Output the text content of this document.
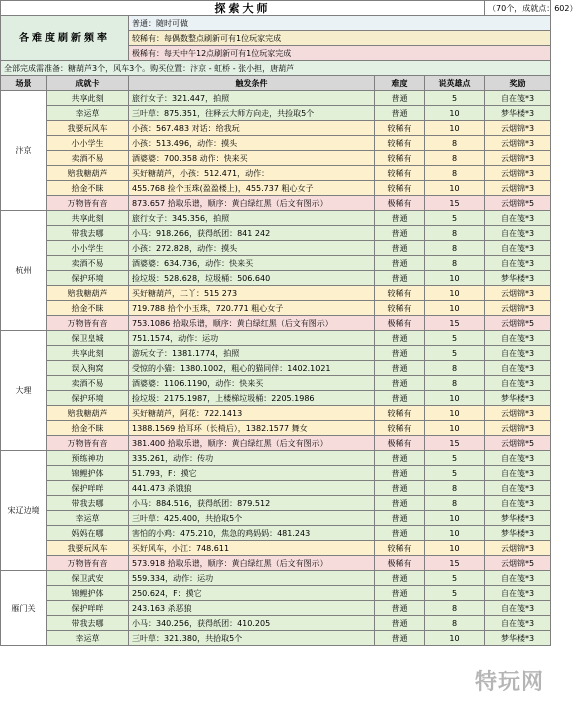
探索大师					（70个，成就点：602）
各难度刷新频率		普通：随时可做			
		较稀有：每偶数整点刷新可有1位玩家完成			
		极稀有：每天中午12点刷新可有1位玩家完成			
全部完成需准备：糖葫芦3个，风车3个。购买位置：汴京 - 虹桥 - 张小担，唐葫芦					
场景	成就卡	触发条件	难度	说英雄点	奖励
汴京	共享此刻	旅行女子：321.447，拍照	普通	5	自在笺*3
	幸运草	三叶草：875.351，往释云大师方向走，共捡取5个	普通	10	梦华楼*3
	我要玩风车	小孩：567.483 对话：给我玩	较稀有	10	云烟锦*3
	小小学生	小孩：513.496，动作：摸头	较稀有	8	云烟锦*3
	卖酒不易	酒婆婆：700.358 动作：快来买	较稀有	8	云烟锦*3
	赔我糖葫芦	买好糖葫芦，小孩：512.471，动作：	较稀有	8	云烟锦*3
	拾金不昧	455.768 捡个玉珠(盈盈楼上)，455.737 粗心女子	较稀有	10	云烟锦*3
	万物皆有音	873.657 拾取乐谱，顺序：黄白绿红黑（后文有图示）	极稀有	15	云烟锦*5
杭州	共享此刻	旅行女子：345.356，拍照	普通	5	自在笺*3
	带我去哪	小马：918.266，获得纸团：841 242	普通	8	自在笺*3
	小小学生	小孩：272.828，动作：摸头	普通	8	自在笺*3
	卖酒不易	酒婆婆：634.736，动作：快来买	普通	8	自在笺*3
	保护环境	捡垃圾：528.628，垃圾桶：506.640	普通	10	梦华楼*3
	赔我糖葫芦	买好糖葫芦，二丫：515 273	较稀有	10	云烟锦*3
	拾金不昧	719.788 拾个小玉珠，720.771 粗心女子	较稀有	10	云烟锦*3
	万物皆有音	753.1086 拾取乐谱，顺序：黄白绿红黑（后文有图示）	极稀有	15	云烟锦*5
大理	保卫皇城	751.1574，动作：运功	普通	5	自在笺*3
	共享此刻	游玩女子：1381.1774，拍照	普通	5	自在笺*3
	误入狗窝	受惊的小猫：1380.1002，粗心的猫同伴：1402.1021	普通	8	自在笺*3
	卖酒不易	酒婆婆：1106.1190，动作：快来买	普通	8	自在笺*3
	保护环境	捡垃圾：2175.1987，上楼梯垃圾桶：2205.1986	普通	10	梦华楼*3
	赔我糖葫芦	买好糖葫芦，阿花：722.1413	较稀有	10	云烟锦*3
	拾金不昧	1388.1569 拾耳环（长椅后），1382.1577 舞女	较稀有	10	云烟锦*3
	万物皆有音	381.400 拾取乐谱，顺序：黄白绿红黑（后文有图示）	极稀有	15	云烟锦*5
宋辽边境	预练神功	335.261，动作：传功	普通	5	自在笺*3
	锦鲤护体	51.793，F：摸它	普通	5	自在笺*3
	保护咩咩	441.473 杀饿狼	普通	8	自在笺*3
	带我去哪	小马：884.516，获得纸团：879.512	普通	8	自在笺*3
	幸运草	三叶草：425.400，共拾取5个	普通	10	梦华楼*3
	妈妈在哪	害怕的小鸡：475.210，焦急的鸡妈妈：481.243	普通	10	梦华楼*3
	我要玩风车	买好风车，小江：748.611	较稀有	10	云烟锦*3
	万物皆有音	573.918 拾取乐谱，顺序：黄白绿红黑（后文有图示）	极稀有	15	云烟锦*5
雁门关	保卫武安	559.334，动作：运功	普通	5	自在笺*3
	锦鲤护体	250.624，F：摸它	普通	5	自在笺*3
	保护咩咩	243.163 杀恶狼	普通	8	自在笺*3
	带我去哪	小马：340.256，获得纸团：410.205	普通	8	自在笺*3
	幸运草	三叶草：321.380，共拾取5个	普通	10	梦华楼*3
特玩网
